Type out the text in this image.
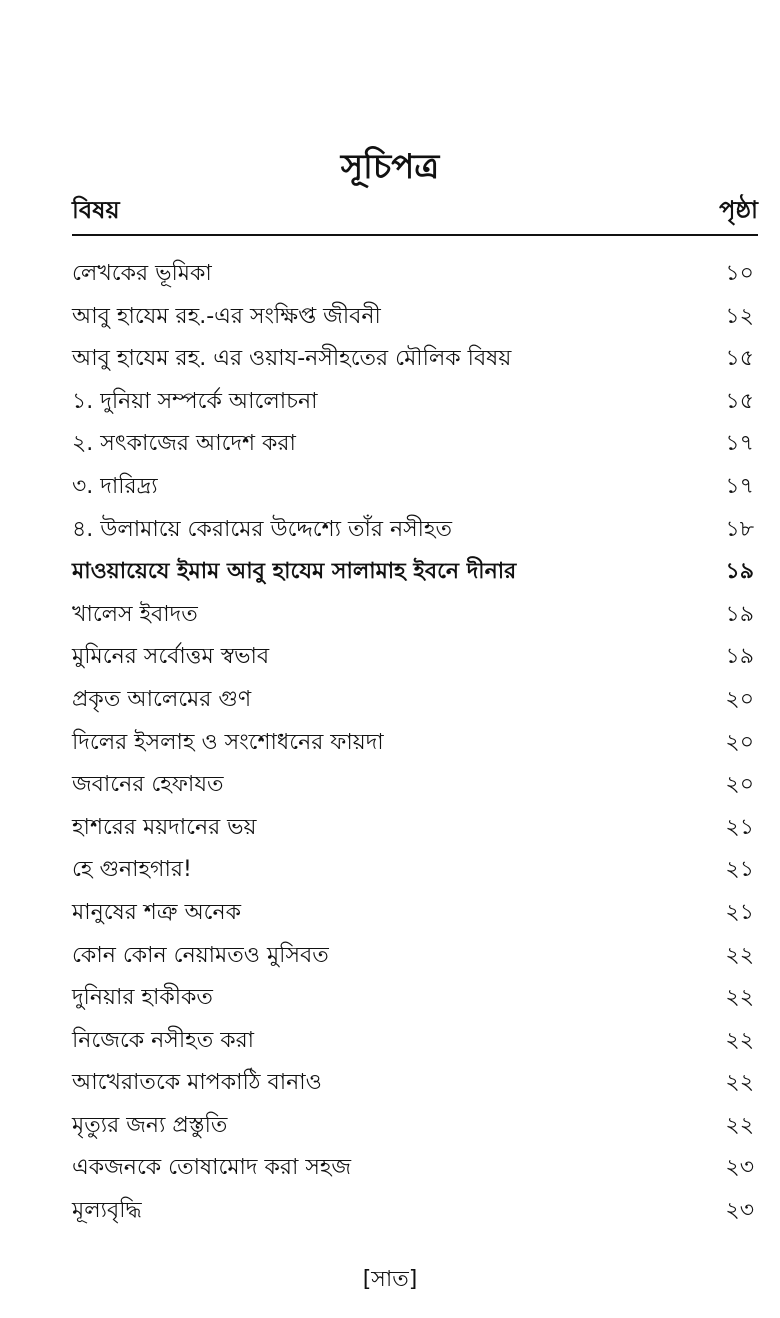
সূচিপত্র
বিষয়	পৃষ্ঠা
লেখকের ভূমিকা	১০
আবু হাযেম রহ.-এর সংক্ষিপ্ত জীবনী	১২
আবু হাযেম রহ. এর ওয়ায-নসীহতের মৌলিক বিষয়	১৫
১. দুনিয়া সম্পর্কে আলোচনা	১৫
২. সৎকাজের আদেশ করা	১৭
৩. দারিদ্র্য	১৭
৪. উলামায়ে কেরামের উদ্দেশ্যে তাঁর নসীহত	১৮
মাওয়ায়েযে ইমাম আবু হাযেম সালামাহ ইবনে দীনার	১৯
খালেস ইবাদত	১৯
মুমিনের সর্বোত্তম স্বভাব	১৯
প্রকৃত আলেমের গুণ	২০
দিলের ইসলাহ ও সংশোধনের ফায়দা	২০
জবানের হেফাযত	২০
হাশরের ময়দানের ভয়	২১
হে গুনাহগার!	২১
মানুষের শত্রু অনেক	২১
কোন কোন নেয়ামতও মুসিবত	২২
দুনিয়ার হাকীকত	২২
নিজেকে নসীহত করা	২২
আখেরাতকে মাপকাঠি বানাও	২২
মৃত্যুর জন্য প্রস্তুতি	২২
একজনকে তোষামোদ করা সহজ	২৩
মূল্যবৃদ্ধি	২৩
[সাত]
